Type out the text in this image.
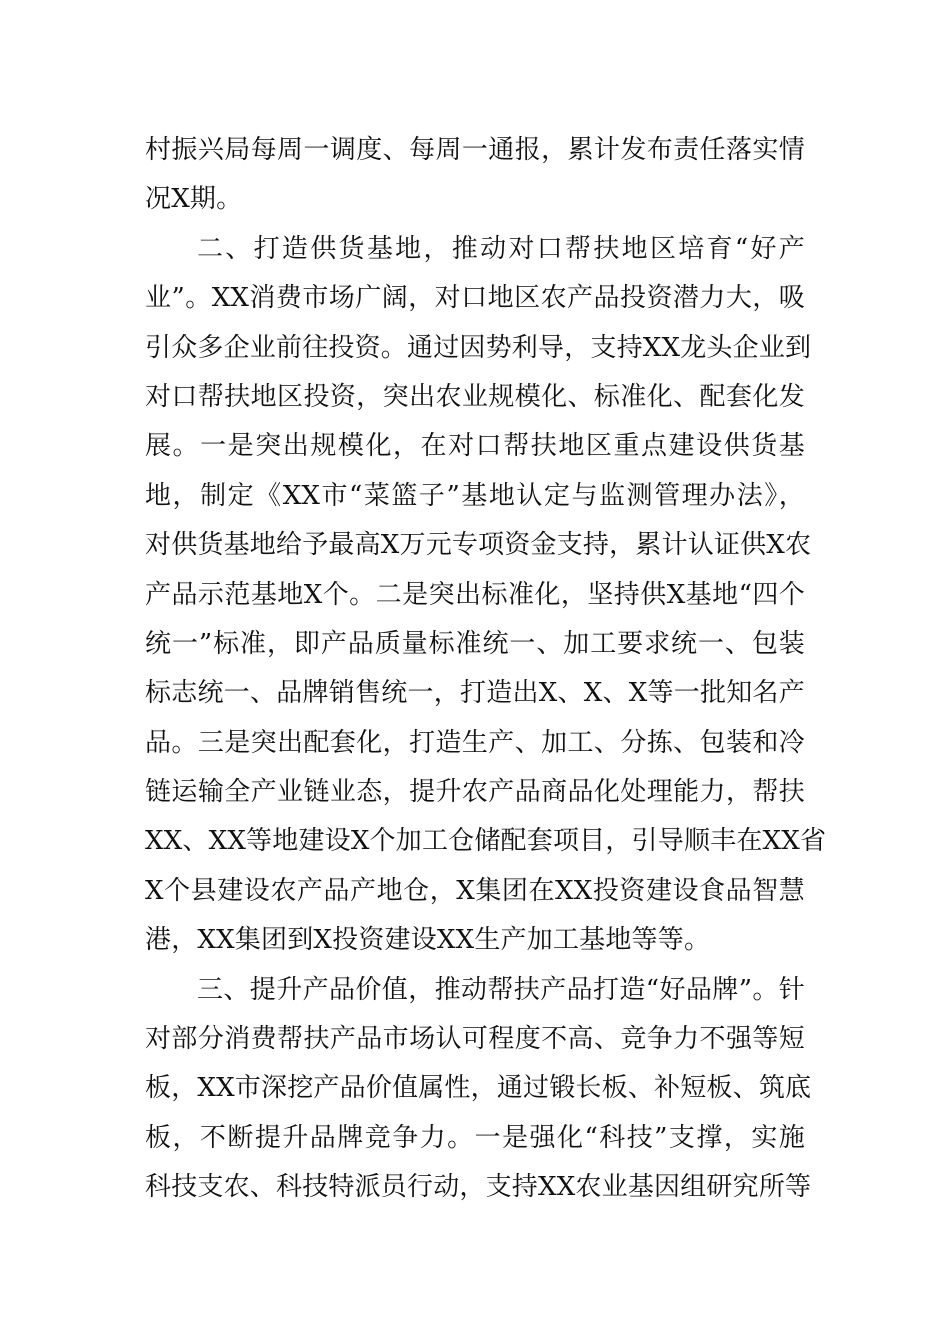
村振兴局每周一调度、每周一通报，累计发布责任落实情
况X期。
二、打造供货基地，推动对口帮扶地区培育“好产
业”。XX消费市场广阔，对口地区农产品投资潜力大，吸
引众多企业前往投资。通过因势利导，支持XX龙头企业到
对口帮扶地区投资，突出农业规模化、标准化、配套化发
展。一是突出规模化，在对口帮扶地区重点建设供货基
地，制定《XX市“菜篮子”基地认定与监测管理办法》，
对供货基地给予最高X万元专项资金支持，累计认证供X农
产品示范基地X个。二是突出标准化，坚持供X基地“四个
统一”标准，即产品质量标准统一、加工要求统一、包装
标志统一、品牌销售统一，打造出X、X、X等一批知名产
品。三是突出配套化，打造生产、加工、分拣、包装和冷
链运输全产业链业态，提升农产品商品化处理能力，帮扶
XX、XX等地建设X个加工仓储配套项目，引导顺丰在XX省
X个县建设农产品产地仓，X集团在XX投资建设食品智慧
港，XX集团到X投资建设XX生产加工基地等等。
三、提升产品价值，推动帮扶产品打造“好品牌”。针
对部分消费帮扶产品市场认可程度不高、竞争力不强等短
板，XX市深挖产品价值属性，通过锻长板、补短板、筑底
板，不断提升品牌竞争力。一是强化“科技”支撑，实施
科技支农、科技特派员行动，支持XX农业基因组研究所等
